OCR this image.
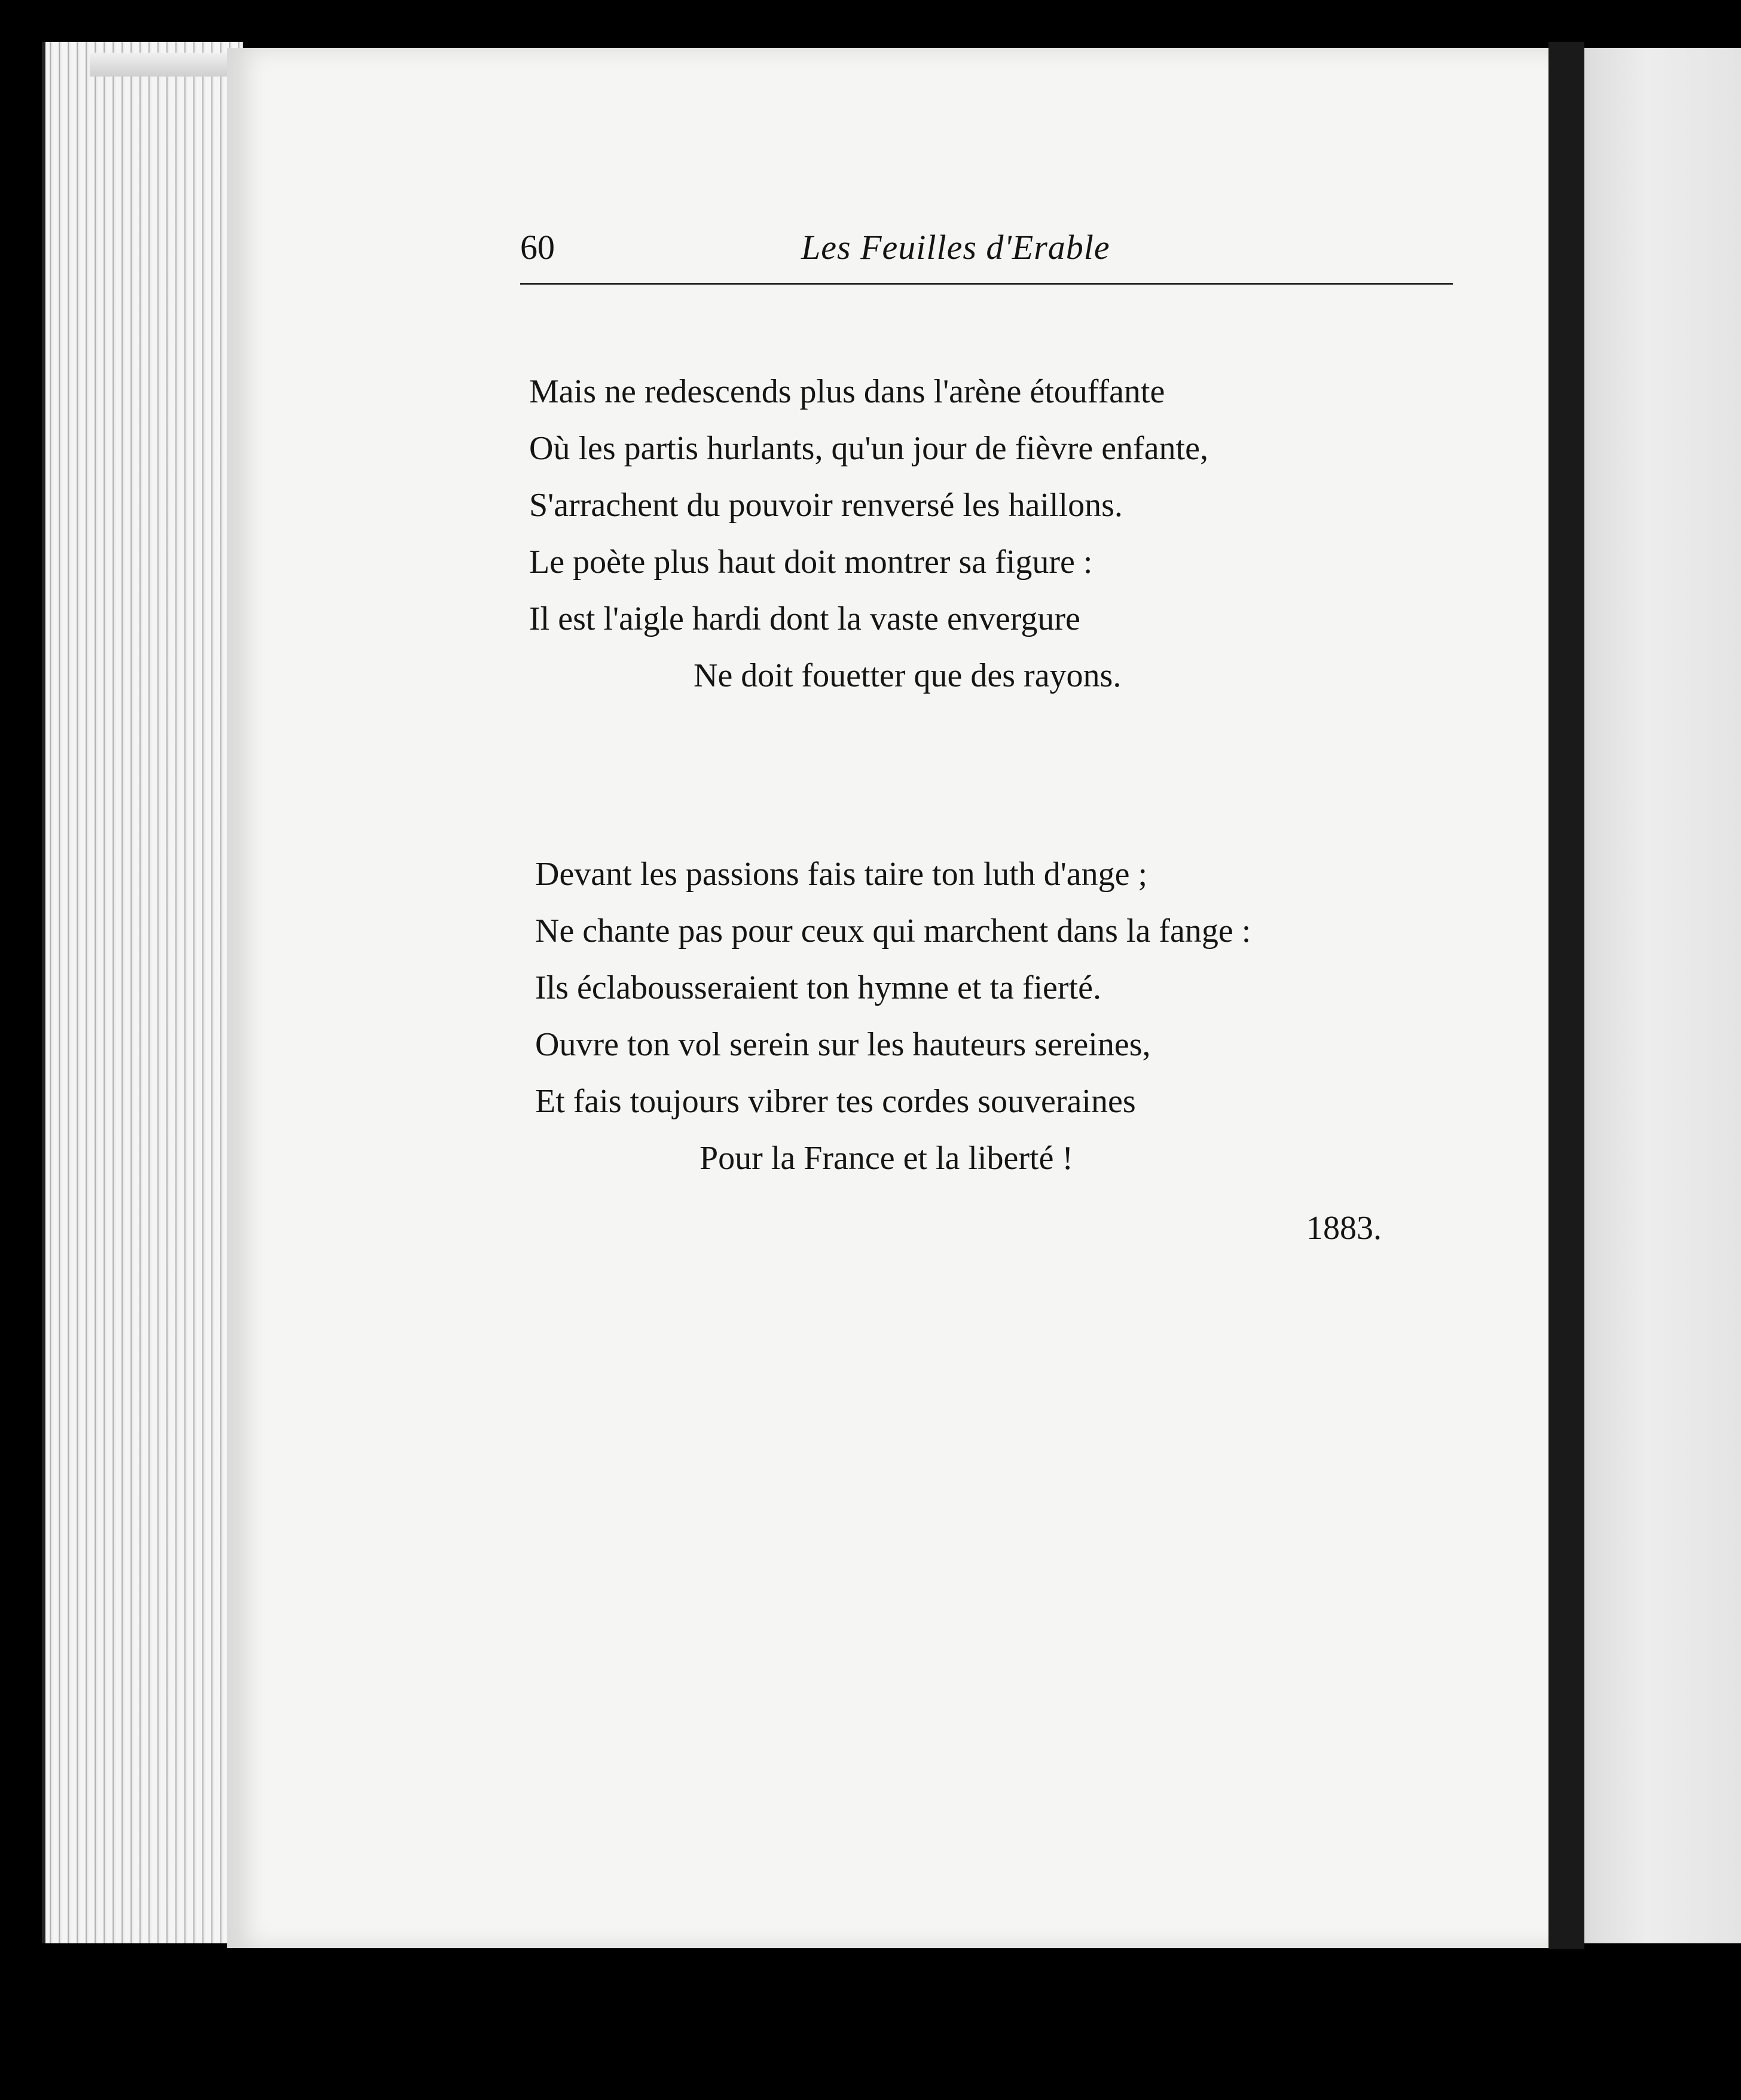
60	Les Feuilles d'Erable
Mais ne redescends plus dans l'arène étouffante
Où les partis hurlants, qu'un jour de fièvre enfante,
S'arrachent du pouvoir renversé les haillons.
Le poète plus haut doit montrer sa figure :
Il est l'aigle hardi dont la vaste envergure
Ne doit fouetter que des rayons.
Devant les passions fais taire ton luth d'ange ;
Ne chante pas pour ceux qui marchent dans la fange :
Ils éclabousseraient ton hymne et ta fierté.
Ouvre ton vol serein sur les hauteurs sereines,
Et fais toujours vibrer tes cordes souveraines
Pour la France et la liberté !
1883.
